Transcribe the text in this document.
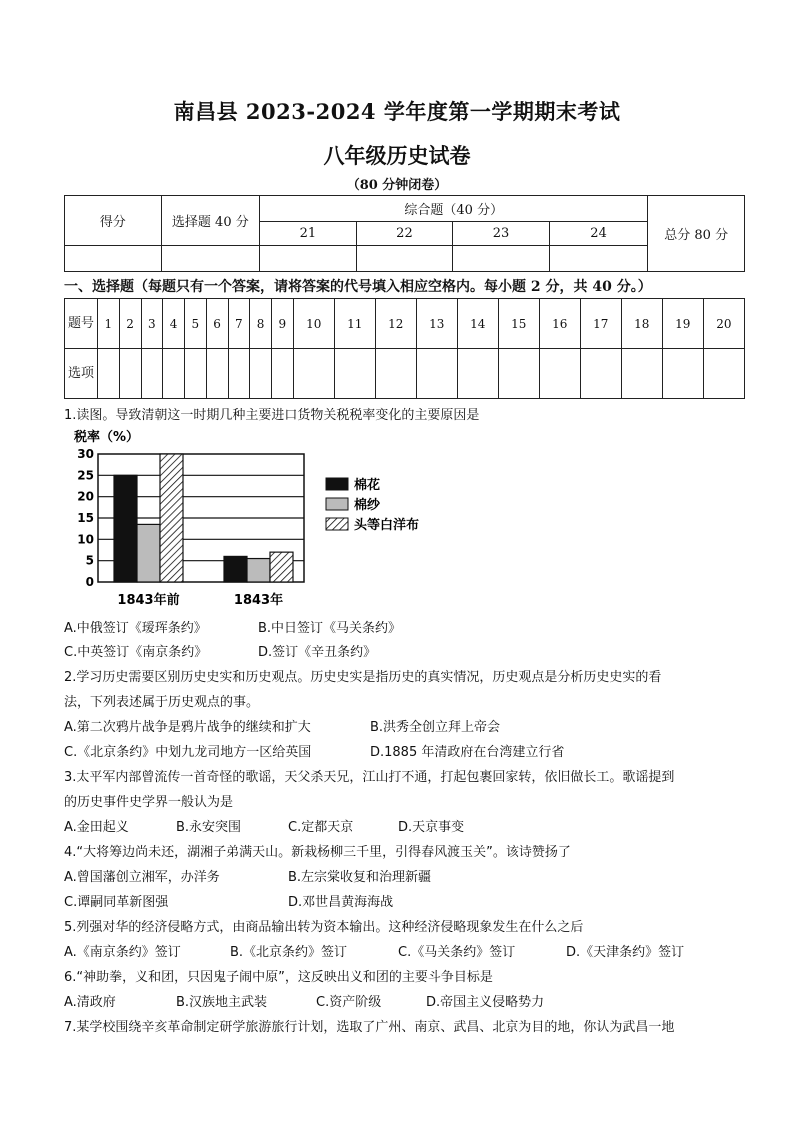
南昌县 2023-2024 学年度第一学期期末考试
八年级历史试卷
（80 分钟闭卷）
得分	选择题 40 分	综合题（40 分）				总分 80 分
		21	22	23	24	

一、选择题（每题只有一个答案，请将答案的代号填入相应空格内。每小题 2 分，共 40 分。）
题号	1	2	3	4	5	6	7	8	9	10	11	12	13	14	15	16	17	18	19	20
选项																				
1.读图。导致清朝这一时期几种主要进口货物关税税率变化的主要原因是
税率（%）
30
25
20
15
10
5
0
1843年前	1843年
棉花
棉纱
头等白洋布
A.中俄签订《瑷珲条约》	B.中日签订《马关条约》
C.中英签订《南京条约》	D.签订《辛丑条约》
2.学习历史需要区别历史史实和历史观点。历史史实是指历史的真实情况，历史观点是分析历史史实的看
法，下列表述属于历史观点的事。
A.第二次鸦片战争是鸦片战争的继续和扩大	B.洪秀全创立拜上帝会
C.《北京条约》中划九龙司地方一区给英国	D.1885 年清政府在台湾建立行省
3.太平军内部曾流传一首奇怪的歌谣，天父杀天兄，江山打不通，打起包裹回家转，依旧做长工。歌谣提到
的历史事件史学界一般认为是
A.金田起义	B.永安突围	C.定都天京	D.天京事变
4.“大将筹边尚未还，湖湘子弟满天山。新栽杨柳三千里，引得春风渡玉关”。该诗赞扬了
A.曾国藩创立湘军，办洋务	B.左宗棠收复和治理新疆
C.谭嗣同革新图强	D.邓世昌黄海海战
5.列强对华的经济侵略方式，由商品输出转为资本输出。这种经济侵略现象发生在什么之后
A.《南京条约》签订	B.《北京条约》签订	C.《马关条约》签订	D.《天津条约》签订
6.“神助拳，义和团，只因鬼子闹中原”，这反映出义和团的主要斗争目标是
A.清政府	B.汉族地主武装	C.资产阶级	D.帝国主义侵略势力
7.某学校围绕辛亥革命制定研学旅游旅行计划，选取了广州、南京、武昌、北京为目的地，你认为武昌一地
